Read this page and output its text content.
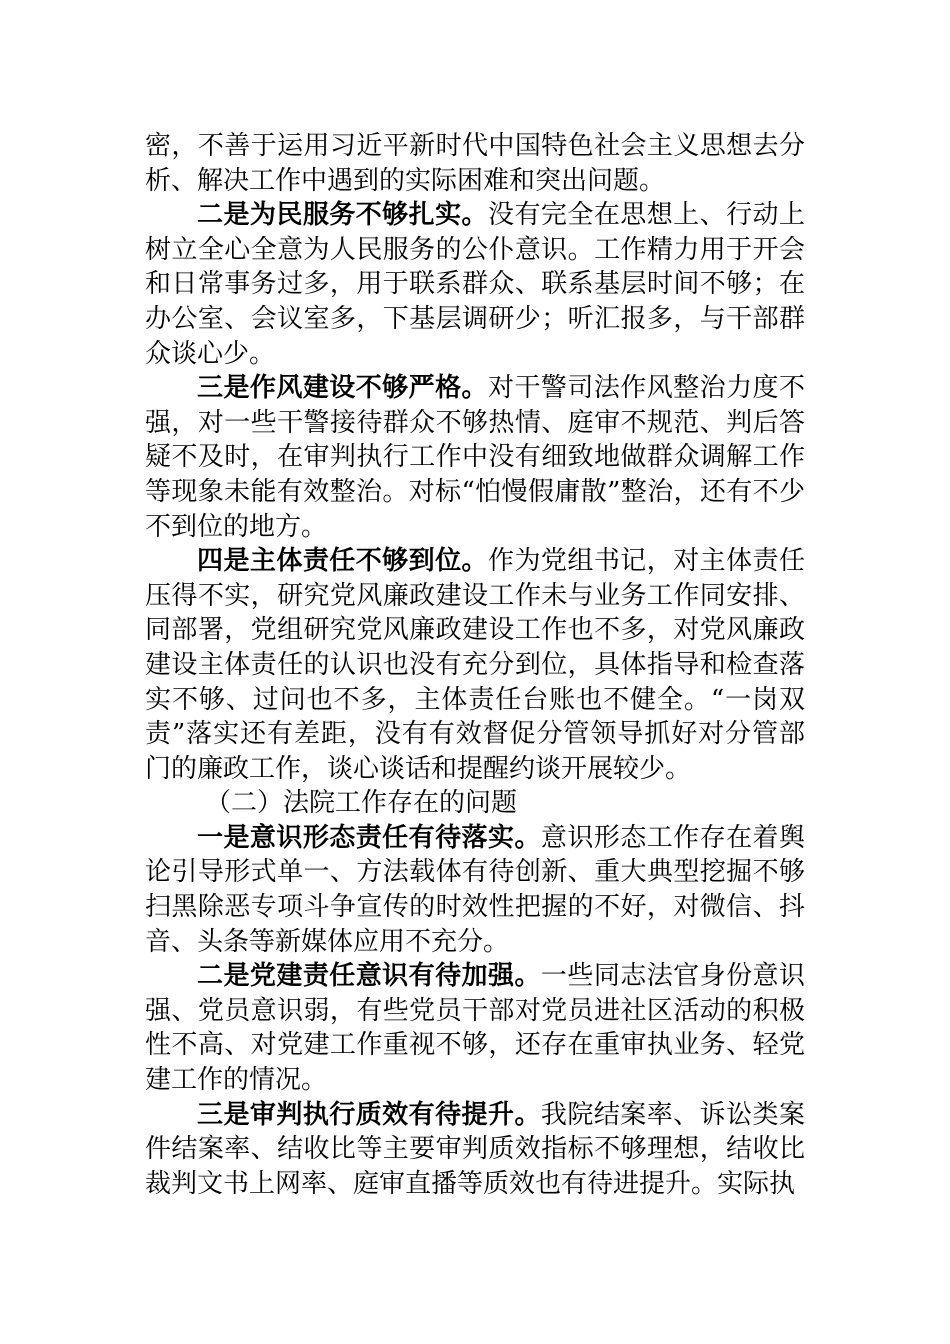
密，不善于运用习近平新时代中国特色社会主义思想去分析、解决工作中遇到的实际困难和突出问题。

二是为民服务不够扎实。没有完全在思想上、行动上树立全心全意为人民服务的公仆意识。工作精力用于开会和日常事务过多，用于联系群众、联系基层时间不够；在办公室、会议室多，下基层调研少；听汇报多，与干部群众谈心少。

三是作风建设不够严格。对干警司法作风整治力度不强，对一些干警接待群众不够热情、庭审不规范、判后答疑不及时，在审判执行工作中没有细致地做群众调解工作等现象未能有效整治。对标“怕慢假庸散”整治，还有不少不到位的地方。

四是主体责任不够到位。作为党组书记，对主体责任压得不实，研究党风廉政建设工作未与业务工作同安排、同部署，党组研究党风廉政建设工作也不多，对党风廉政建设主体责任的认识也没有充分到位，具体指导和检查落实不够、过问也不多，主体责任台账也不健全。“一岗双责”落实还有差距，没有有效督促分管领导抓好对分管部门的廉政工作，谈心谈话和提醒约谈开展较少。

（二）法院工作存在的问题

一是意识形态责任有待落实。意识形态工作存在着舆论引导形式单一、方法载体有待创新、重大典型挖掘不够扫黑除恶专项斗争宣传的时效性把握的不好，对微信、抖音、头条等新媒体应用不充分。

二是党建责任意识有待加强。一些同志法官身份意识强、党员意识弱，有些党员干部对党员进社区活动的积极性不高、对党建工作重视不够，还存在重审执业务、轻党建工作的情况。

三是审判执行质效有待提升。我院结案率、诉讼类案件结案率、结收比等主要审判质效指标不够理想，结收比裁判文书上网率、庭审直播等质效也有待进提升。实际执
